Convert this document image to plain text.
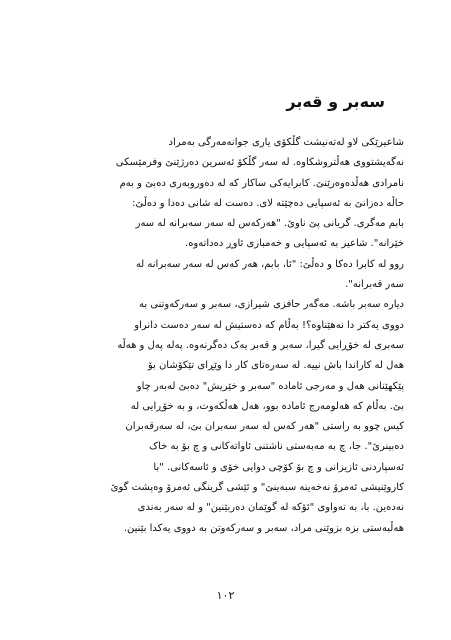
سەبر و قەبر
شاعیرێکی لاو لەتەنیشت گڵکۆی یاری جوانەمەرگی بەمراد
نەگەیشتووی هەڵتروشکاوە. لە سەر گڵکۆ ئەسرین دەرژێنێ وفرمێسکی
نامرادی هەڵدەوەرێنێ. کابرایەکی ساکار کە لە دەوروبەری دەبێ و بەم
حاڵە دەزانێ بە ئەسپایی دەچێتە لای. دەست لە شانی دەدا و دەڵێ:
بابم مەگری. گریانی پێ ناوێ. "هەرکەس لە سەر سەبرانە لە سەر
خێرانە". شاعیر بە ئەسپایی و خەمباری ئاوڕ دەداتەوە.
روو لە کابرا دەکا و دەڵێ: "ئا، بابم، هەر کەس لە سەر سەبرانە لە
سەر قەبرانە".
دیارە سەبر باشە. مەگەر حافزی شیرازی، سەبر و سەرکەوتنی بە
دووی یەکتر دا نەهێناوە؟! بەڵام کە دەستیش لە سەر دەست دانراو
سەبری لە خۆڕایی گیرا، سەبر و قەبر یەک دەگرنەوە. پەلە پەل و هەڵە
هەل لە کاراندا باش نییە. لە سەرەتای کار دا وێڕای تێکۆشان بۆ
پێکهێنانی هەل و مەرجی ئامادە "سەبر و خێریش" دەبێ لەبەر چاو
بێ. بەڵام کە هەلومەرج ئامادە بوو، هەل هەڵکەوت، و بە خۆڕایی لە
کیس چوو بە راستی "هەر کەس لە سەر سەبران بێ، لە سەرقەبران
دەبینرێ". جا، چ بە مەبەستی ناشتنی ئاواتەکانی و چ بۆ بە خاک
ئەسپاردنی ئازیزانی و چ بۆ کۆچی دوایی خۆی و ئاسەکانی. "با
کاروێنیشی ئەمرۆ نەخەینە سبەینێ" و ئێشی گرینگی ئەمرۆ وەپشت گوێ
نەدەین. با، بە تەواوی "ئۆکە لە گوێمان دەربێنین" و لە سەر بەندی
هەڵبەستی بزە بزوێنی مراد، سەبر و سەرکەوتن بە دووی یەکدا بێنین.
١٠٢
